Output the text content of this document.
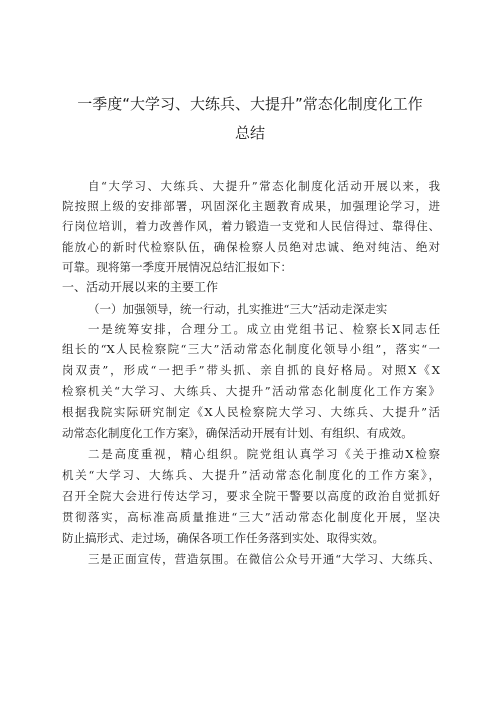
一季度“大学习、大练兵、大提升”常态化制度化工作
总结
自“大学习、大练兵、大提升”常态化制度化活动开展以来，我
院按照上级的安排部署，巩固深化主题教育成果，加强理论学习，进
行岗位培训，着力改善作风，着力锻造一支党和人民信得过、靠得住、
能放心的新时代检察队伍，确保检察人员绝对忠诚、绝对纯洁、绝对
可靠。现将第一季度开展情况总结汇报如下：
一、活动开展以来的主要工作
（一）加强领导，统一行动，扎实推进“三大”活动走深走实
一是统筹安排，合理分工。成立由党组书记、检察长X同志任
组长的“X人民检察院“三大”活动常态化制度化领导小组”，落实“一
岗双责”，形成“一把手”带头抓、亲自抓的良好格局。对照X《X
检察机关“大学习、大练兵、大提升”活动常态化制度化工作方案》
根据我院实际研究制定《X人民检察院大学习、大练兵、大提升”活
动常态化制度化工作方案》，确保活动开展有计划、有组织、有成效。
二是高度重视，精心组织。院党组认真学习《关于推动X检察
机关“大学习、大练兵、大提升”活动常态化制度化的工作方案》，
召开全院大会进行传达学习，要求全院干警要以高度的政治自觉抓好
贯彻落实，高标准高质量推进“三大”活动常态化制度化开展，坚决
防止搞形式、走过场，确保各项工作任务落到实处、取得实效。
三是正面宣传，营造氛围。在微信公众号开通“大学习、大练兵、
